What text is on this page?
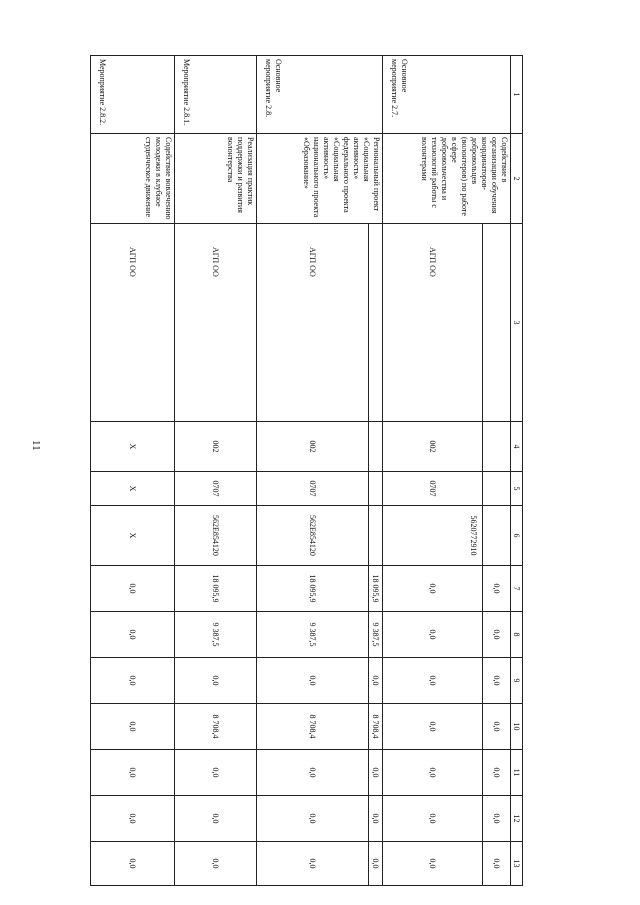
11
1	2	3	4	5	6	7	8	9	10	11	12	13
Основное мероприятие 2.7.	Содействие в организации обучения координаторов-добровольцев (волонтеров) по работе в сфере добровольчества и технологий работы с волонтерами					0,0	0,0	0,0	0,0	0,0	0,0	0,0

		АГП ОО	002	0707	5620772910	0,0	0,0	0,0	0,0	0,0	0,0	0,0
Основное мероприятие 2.8.	Региональный проект «Социальная активность» федерального проекта «Социальная активность» национального проекта «Образование»					18 095,9	9 387,5	0,0	8 708,4	0,0	0,0	0,0

		АГП ОО	002	0707	562E854120	18 095,9	9 387,5	0,0	8 708,4	0,0	0,0	0,0
Мероприятие 2.8.1.	Реализация практик поддержки и развития волонтерства	АГП ОО	002	0707	562E854120	18 095,9	9 387,5	0,0	8 708,4	0,0	0,0	0,0
Мероприятие 2.8.2.	Содействие вовлечению молодежи в клубное студенческое движение	АГП ОО	Х	Х	Х	0,0	0,0	0,0	0,0	0,0	0,0	0,0
